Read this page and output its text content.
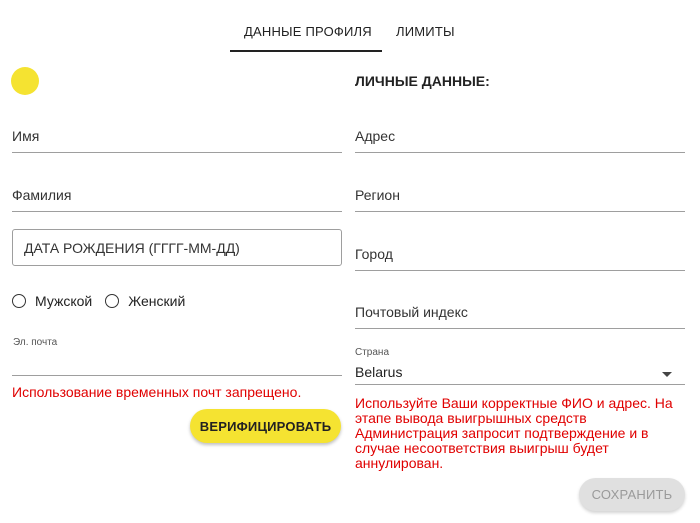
ДАННЫЕ ПРОФИЛЯ ЛИМИТЫ
Имя
Фамилия
ДАТА РОЖДЕНИЯ (ГГГГ-ММ-ДД)
Мужской	Женский
Эл. почта
Использование временных почт запрещено.
ВЕРИФИЦИРОВАТЬ
ЛИЧНЫЕ ДАННЫЕ:
Адрес
Регион
Город
Почтовый индекс
Страна
Belarus
Используйте Ваши корректные ФИО и адрес. На этапе вывода выигрышных средств Администрация запросит подтверждение и в случае несоответствия выигрыш будет аннулирован.
СОХРАНИТЬ
